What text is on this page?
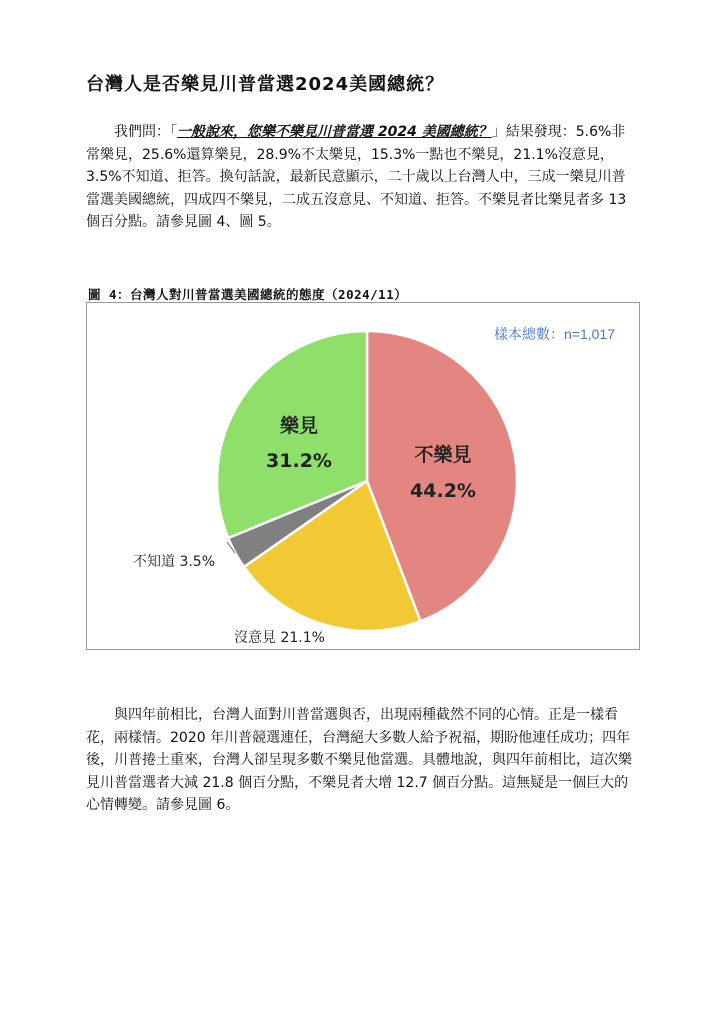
台灣人是否樂見川普當選2024美國總統？

我們問：「一般說來，您樂不樂見川普當選 2024 美國總統？」結果發現：5.6%非常樂見，25.6%還算樂見，28.9%不太樂見，15.3%一點也不樂見，21.1%沒意見，3.5%不知道、拒答。換句話說，最新民意顯示，二十歲以上台灣人中，三成一樂見川普當選美國總統，四成四不樂見，二成五沒意見、不知道、拒答。不樂見者比樂見者多 13 個百分點。請參見圖 4、圖 5。

圖 4：台灣人對川普當選美國總統的態度（2024/11）
樣本總數：n=1,017
不樂見
44.2%
樂見
31.2%
沒意見 21.1%
不知道 3.5%

與四年前相比，台灣人面對川普當選與否，出現兩種截然不同的心情。正是一樣看花，兩樣情。2020 年川普競選連任，台灣絕大多數人給予祝福，期盼他連任成功；四年後，川普捲土重來，台灣人卻呈現多數不樂見他當選。具體地說，與四年前相比，這次樂見川普當選者大減 21.8 個百分點，不樂見者大增 12.7 個百分點。這無疑是一個巨大的心情轉變。請參見圖 6。
